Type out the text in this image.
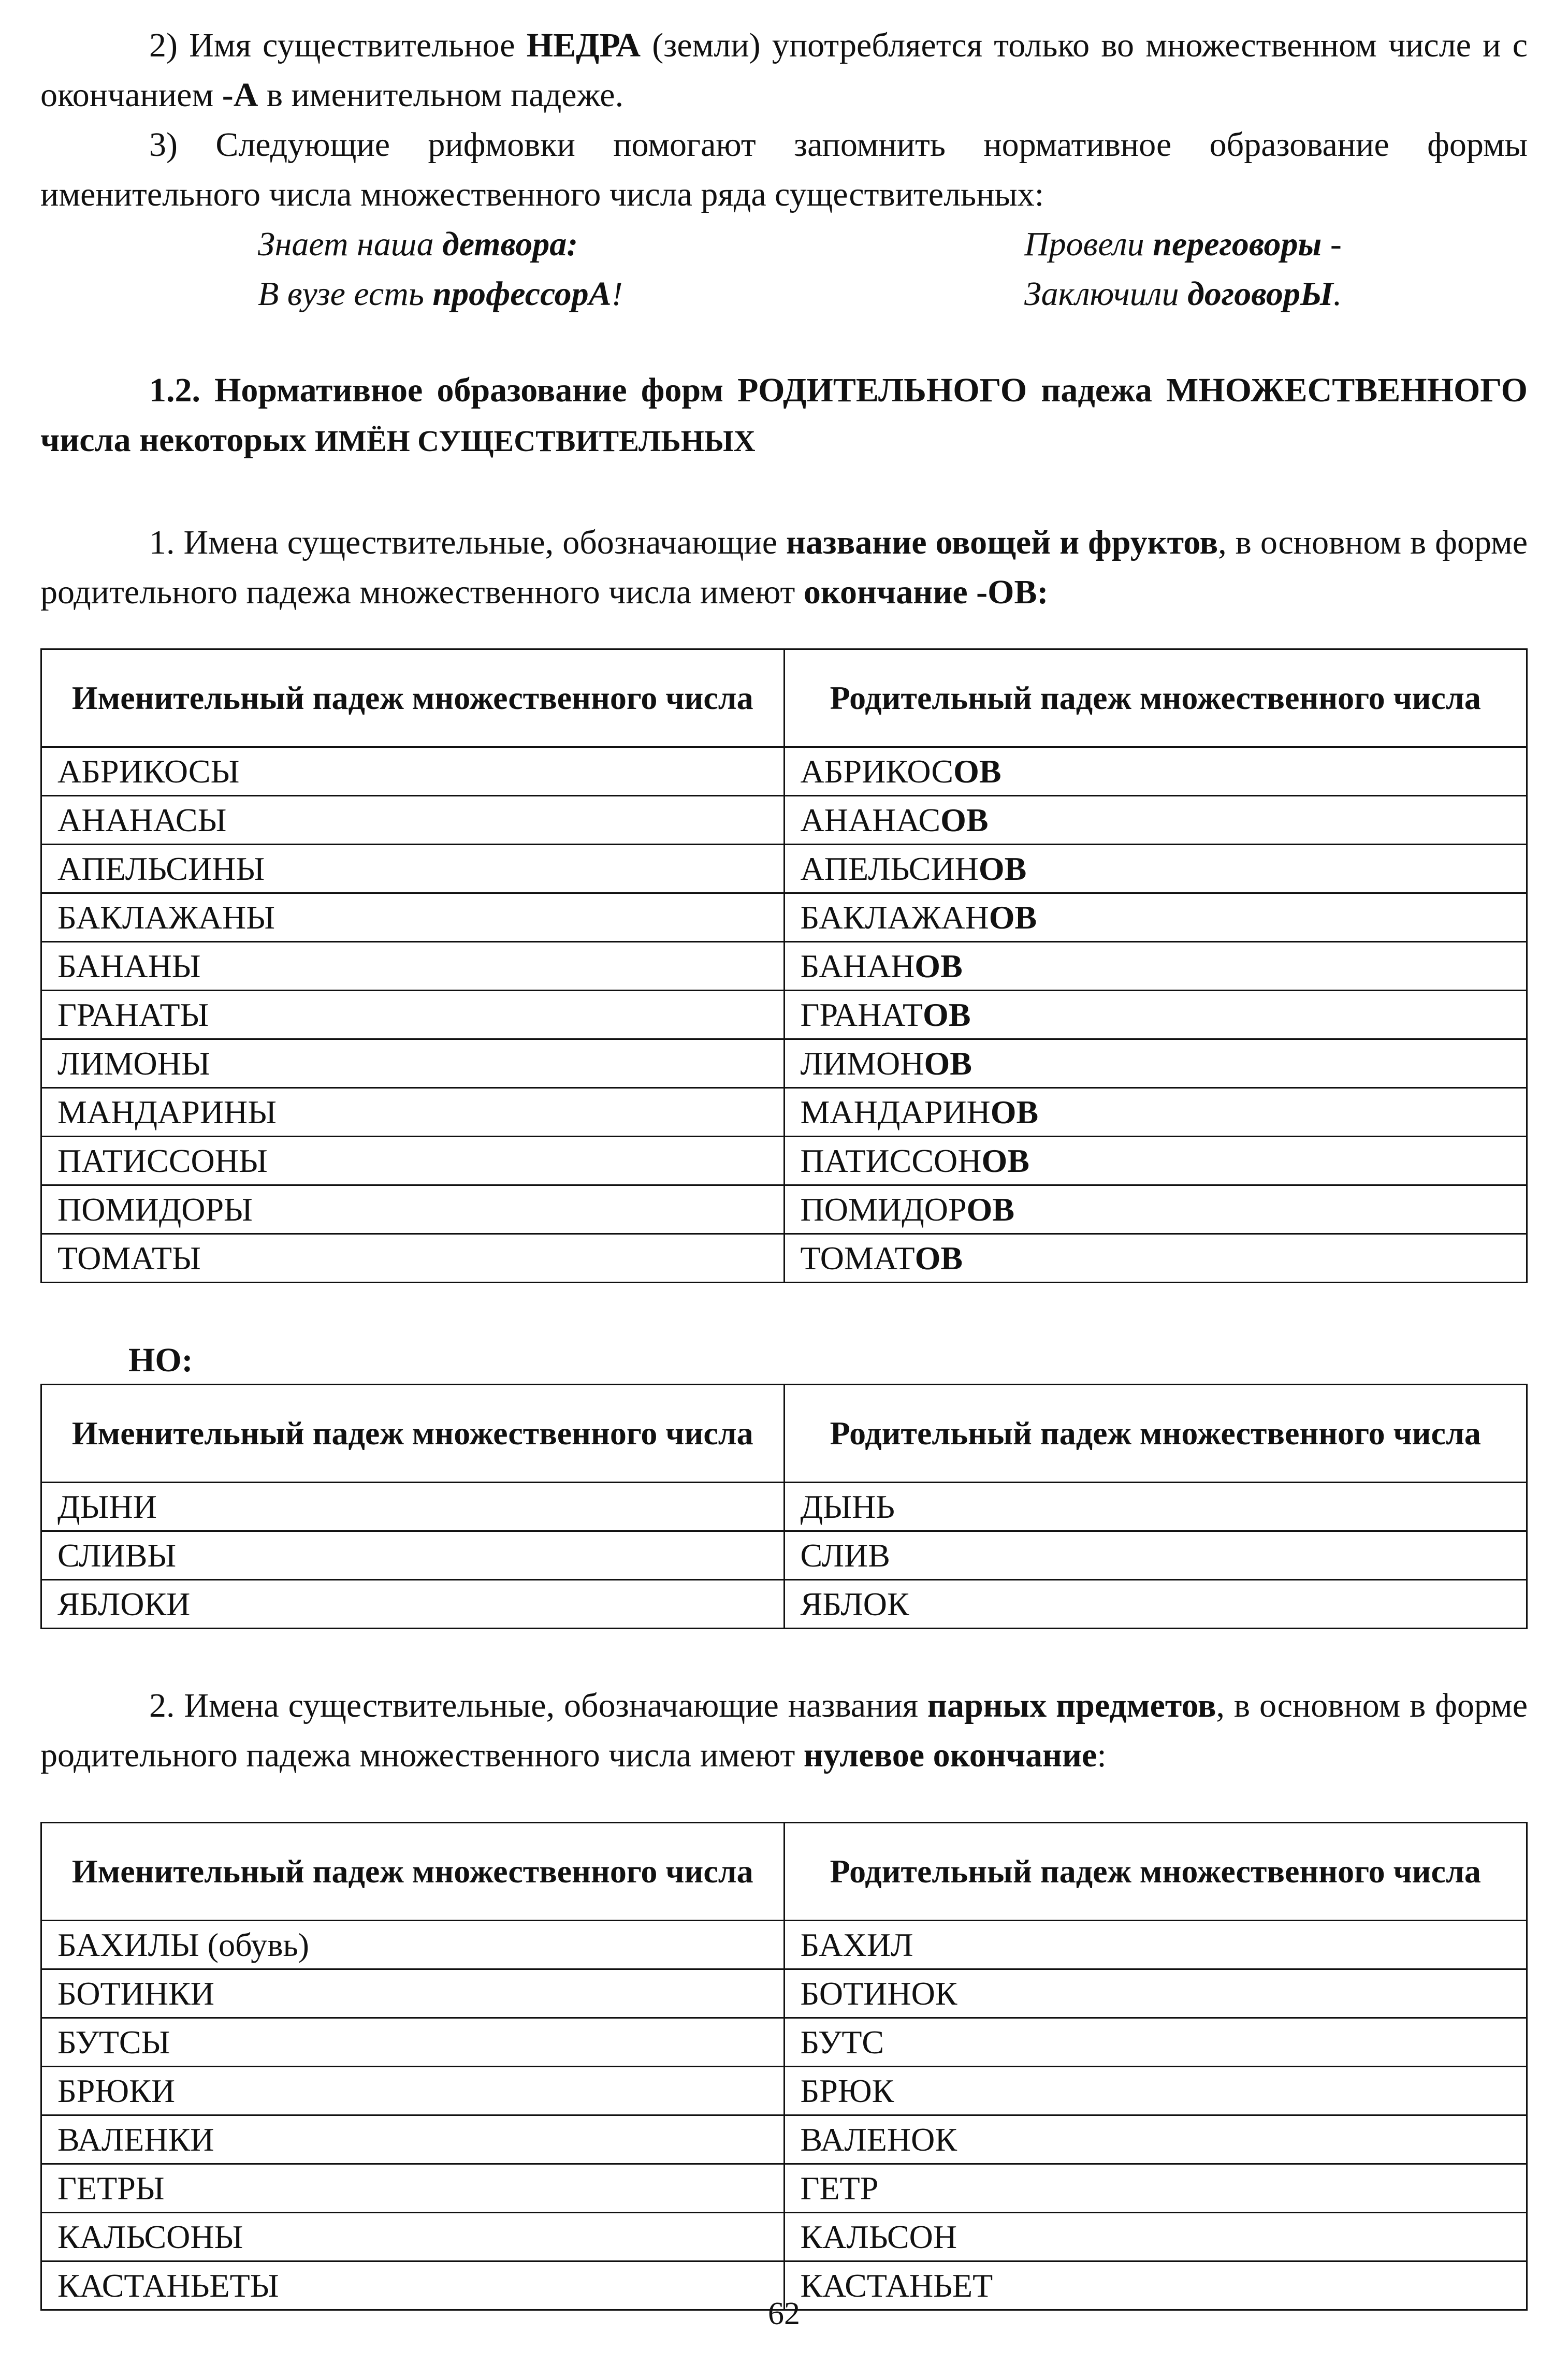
2) Имя существительное НЕДРА (земли) употребляется только во множественном числе и с окончанием -А в именительном падеже.

3) Следующие рифмовки помогают запомнить нормативное образование формы именительного числа множественного числа ряда существительных:

Знает наша детвора:
В вузе есть профессорА!
Провели переговоры -
Заключили договорЫ.

1.2. Нормативное образование форм РОДИТЕЛЬНОГО падежа МНОЖЕСТВЕННОГО числа некоторых ИМЁН СУЩЕСТВИТЕЛЬНЫХ

1. Имена существительные, обозначающие название овощей и фруктов, в основном в форме родительного падежа множественного числа имеют окончание -ОВ:

Именительный падеж множественного числа	Родительный падеж множественного числа
АБРИКОСЫ	АБРИКОСОВ
АНАНАСЫ	АНАНАСОВ
АПЕЛЬСИНЫ	АПЕЛЬСИНОВ
БАКЛАЖАНЫ	БАКЛАЖАНОВ
БАНАНЫ	БАНАНОВ
ГРАНАТЫ	ГРАНАТОВ
ЛИМОНЫ	ЛИМОНОВ
МАНДАРИНЫ	МАНДАРИНОВ
ПАТИССОНЫ	ПАТИССОНОВ
ПОМИДОРЫ	ПОМИДОРОВ
ТОМАТЫ	ТОМАТОВ
НО:
Именительный падеж множественного числа	Родительный падеж множественного числа
ДЫНИ	ДЫНЬ
СЛИВЫ	СЛИВ
ЯБЛОКИ	ЯБЛОК

2. Имена существительные, обозначающие названия парных предметов, в основном в форме родительного падежа множественного числа имеют нулевое окончание:

Именительный падеж множественного числа	Родительный падеж множественного числа
БАХИЛЫ (обувь)	БАХИЛ
БОТИНКИ	БОТИНОК
БУТСЫ	БУТС
БРЮКИ	БРЮК
ВАЛЕНКИ	ВАЛЕНОК
ГЕТРЫ	ГЕТР
КАЛЬСОНЫ	КАЛЬСОН
КАСТАНЬЕТЫ	КАСТАНЬЕТ
62
